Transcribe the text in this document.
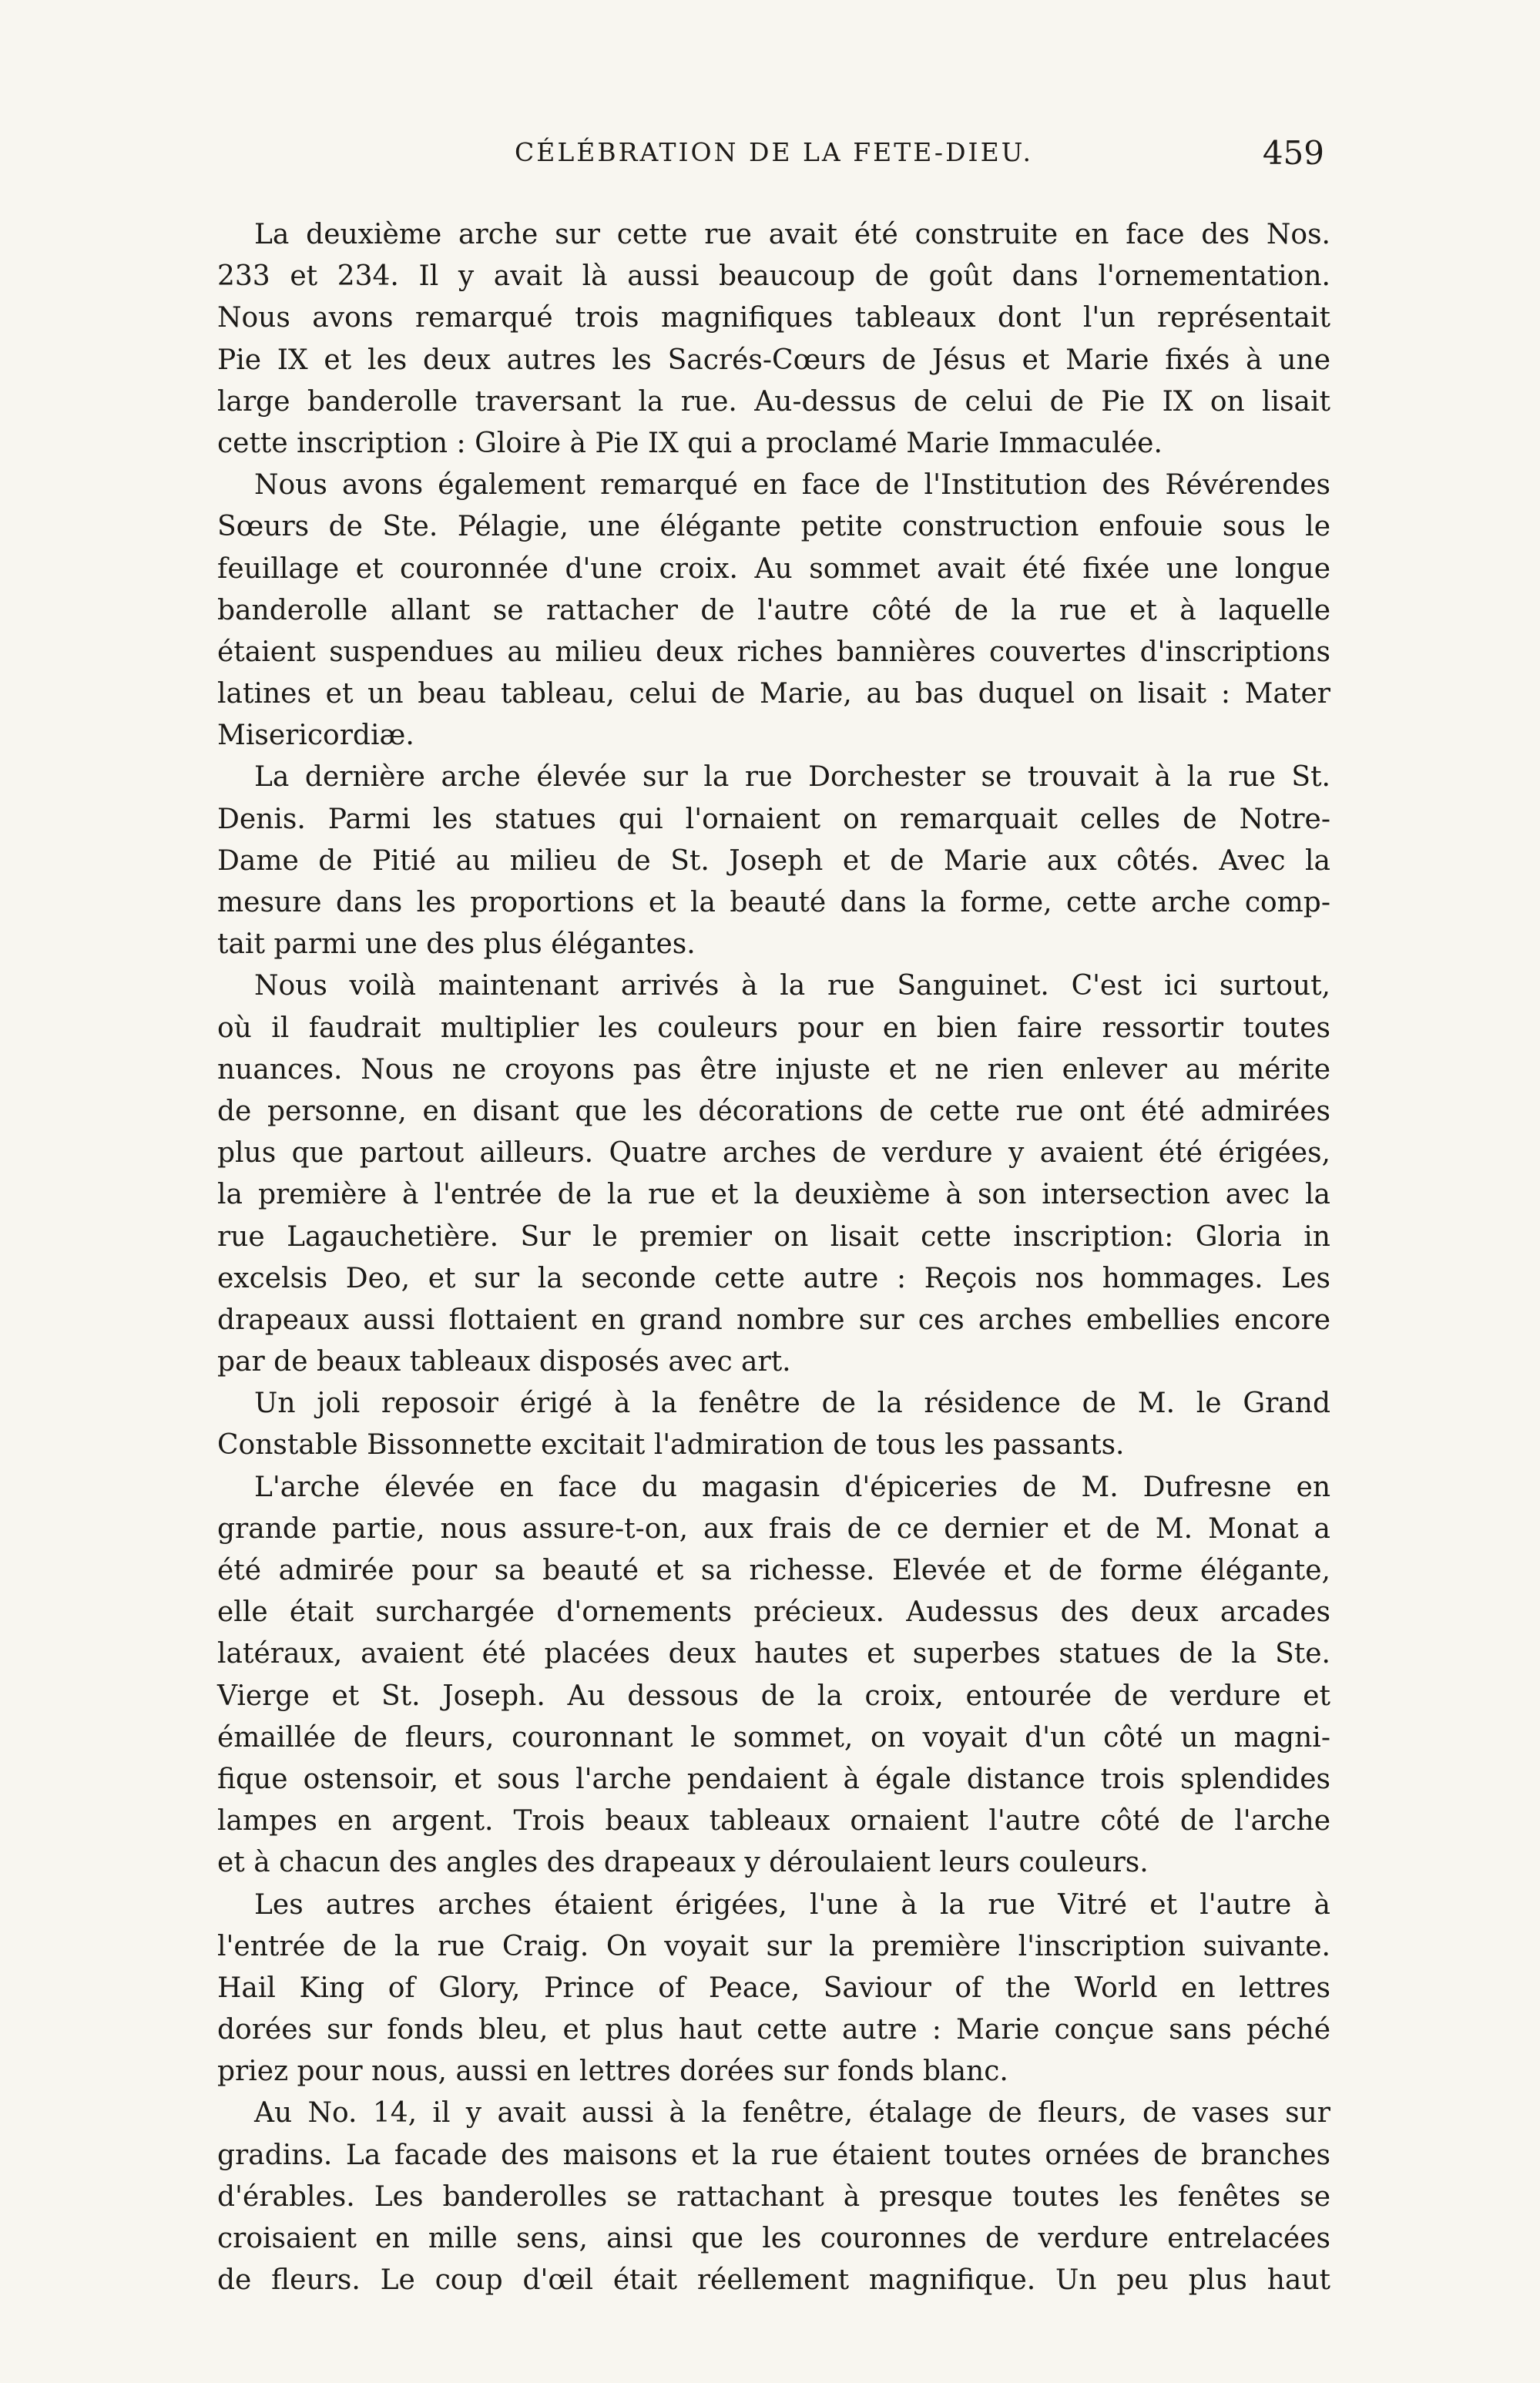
CÉLÉBRATION DE LA FETE-DIEU.	459
La deuxième arche sur cette rue avait été construite en face des Nos.
233 et 234. Il y avait là aussi beaucoup de goût dans l'ornementation.
Nous avons remarqué trois magnifiques tableaux dont l'un représentait
Pie IX et les deux autres les Sacrés-Cœurs de Jésus et Marie fixés à une
large banderolle traversant la rue. Au-dessus de celui de Pie IX on lisait
cette inscription : Gloire à Pie IX qui a proclamé Marie Immaculée.
Nous avons également remarqué en face de l'Institution des Révérendes
Sœurs de Ste. Pélagie, une élégante petite construction enfouie sous le
feuillage et couronnée d'une croix. Au sommet avait été fixée une longue
banderolle allant se rattacher de l'autre côté de la rue et à laquelle
étaient suspendues au milieu deux riches bannières couvertes d'inscriptions
latines et un beau tableau, celui de Marie, au bas duquel on lisait : Mater
Misericordiæ.
La dernière arche élevée sur la rue Dorchester se trouvait à la rue St.
Denis. Parmi les statues qui l'ornaient on remarquait celles de Notre-
Dame de Pitié au milieu de St. Joseph et de Marie aux côtés. Avec la
mesure dans les proportions et la beauté dans la forme, cette arche comp-
tait parmi une des plus élégantes.
Nous voilà maintenant arrivés à la rue Sanguinet. C'est ici surtout,
où il faudrait multiplier les couleurs pour en bien faire ressortir toutes
nuances. Nous ne croyons pas être injuste et ne rien enlever au mérite
de personne, en disant que les décorations de cette rue ont été admirées
plus que partout ailleurs. Quatre arches de verdure y avaient été érigées,
la première à l'entrée de la rue et la deuxième à son intersection avec la
rue Lagauchetière. Sur le premier on lisait cette inscription: Gloria in
excelsis Deo, et sur la seconde cette autre : Reçois nos hommages. Les
drapeaux aussi flottaient en grand nombre sur ces arches embellies encore
par de beaux tableaux disposés avec art.
Un joli reposoir érigé à la fenêtre de la résidence de M. le Grand
Constable Bissonnette excitait l'admiration de tous les passants.
L'arche élevée en face du magasin d'épiceries de M. Dufresne en
grande partie, nous assure-t-on, aux frais de ce dernier et de M. Monat a
été admirée pour sa beauté et sa richesse. Elevée et de forme élégante,
elle était surchargée d'ornements précieux. Audessus des deux arcades
latéraux, avaient été placées deux hautes et superbes statues de la Ste.
Vierge et St. Joseph. Au dessous de la croix, entourée de verdure et
émaillée de fleurs, couronnant le sommet, on voyait d'un côté un magni-
fique ostensoir, et sous l'arche pendaient à égale distance trois splendides
lampes en argent. Trois beaux tableaux ornaient l'autre côté de l'arche
et à chacun des angles des drapeaux y déroulaient leurs couleurs.
Les autres arches étaient érigées, l'une à la rue Vitré et l'autre à
l'entrée de la rue Craig. On voyait sur la première l'inscription suivante.
Hail King of Glory, Prince of Peace, Saviour of the World en lettres
dorées sur fonds bleu, et plus haut cette autre : Marie conçue sans péché
priez pour nous, aussi en lettres dorées sur fonds blanc.
Au No. 14, il y avait aussi à la fenêtre, étalage de fleurs, de vases sur
gradins. La facade des maisons et la rue étaient toutes ornées de branches
d'érables. Les banderolles se rattachant à presque toutes les fenêtes se
croisaient en mille sens, ainsi que les couronnes de verdure entrelacées
de fleurs. Le coup d'œil était réellement magnifique. Un peu plus haut
